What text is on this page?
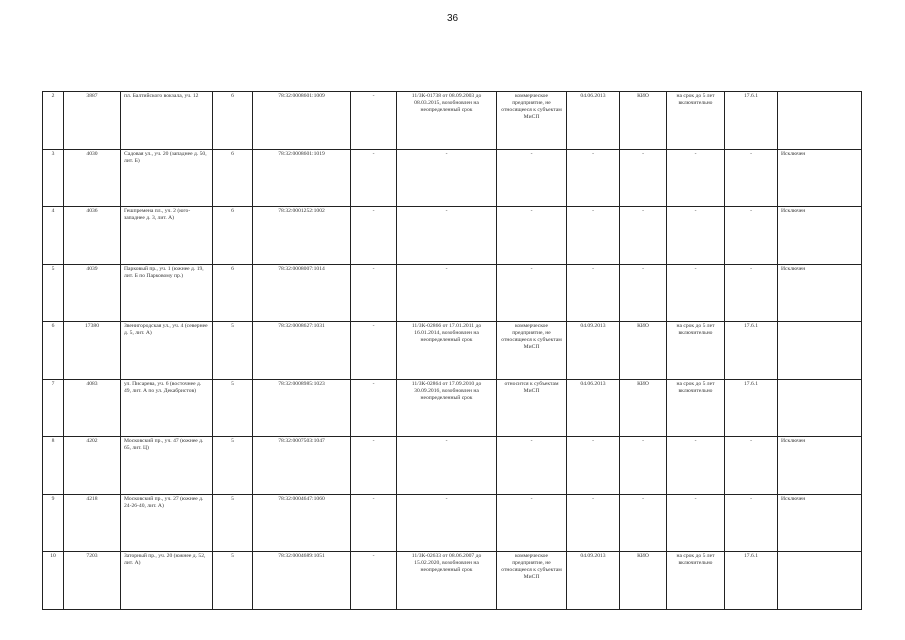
36
2	3887	пл. Балтийского вокзала, уч. 12	6	78:32:0008601:1009	-	11/ЗК-01738 от 08.09.2003 до 08.03.2015, возобновлен на неопределенный срок	коммерческое предприятие, не относящееся к субъектам МиСП	04.06.2013	КИО	на срок до 5 лет включительно	17.6.1	
3	4030	Садовая ул., уч. 20 (западнее д. 50, лит. Б)	6	78:32:0008601:1019	-	-	-	-	-	-	-	Исключен
4	4036	Гешпремена пл., уч. 2 (юго-западнее д. 3, лит. А)	6	78:32:0001252:1002	-	-	-	-	-	-	-	Исключен
5	4039	Парковый пр., уч. 1 (южнее д. 19, лит. Б по Парковому пр.)	6	78:32:0008007:1014	-	-	-	-	-	-	-	Исключен
6	17380	Звенигородская ул., уч. 4 (севернее д. 5, лит. А)	5	78:32:0008627:1031	-	11/ЗК-02866 от 17.01.2011 до 16.01.2014, возобновлен на неопределенный срок	коммерческое предприятие, не относящееся к субъектам МиСП	04.09.2013	КИО	на срок до 5 лет включительно	17.6.1	
7	4083	ул. Писарева, уч. 6 (восточнее д. 49, лит. А по ул. Декабристов)	5	78:32:0008985:1023	-	11/ЗК-02864 от 17.09.2010 до 30.09.2016, возобновлен на неопределенный срок	относится к субъектам МиСП	04.06.2013	КИО	на срок до 5 лет включительно	17.6.1	
8	4202	Московский пр., уч. 47 (южнее д. 65, лит. Ц)	5	78:32:0007503:1047	-	-	-	-	-	-	-	Исключен
9	4218	Московский пр., уч. 27 (южнее д. 24-26-40, лит. А)	5	78:32:0004647:1060	-	-	-	-	-	-	-	Исключен
10	7203	Заторный пр., уч. 20 (южнее д. 52, лит. А)	5	78:32:0004689:1051	-	11/ЗК-02633 от 08.06.2007 до 15.02.2020, возобновлен на неопределенный срок	коммерческое предприятие, не относящееся к субъектам МиСП	04.09.2013	КИО	на срок до 5 лет включительно	17.6.1	
